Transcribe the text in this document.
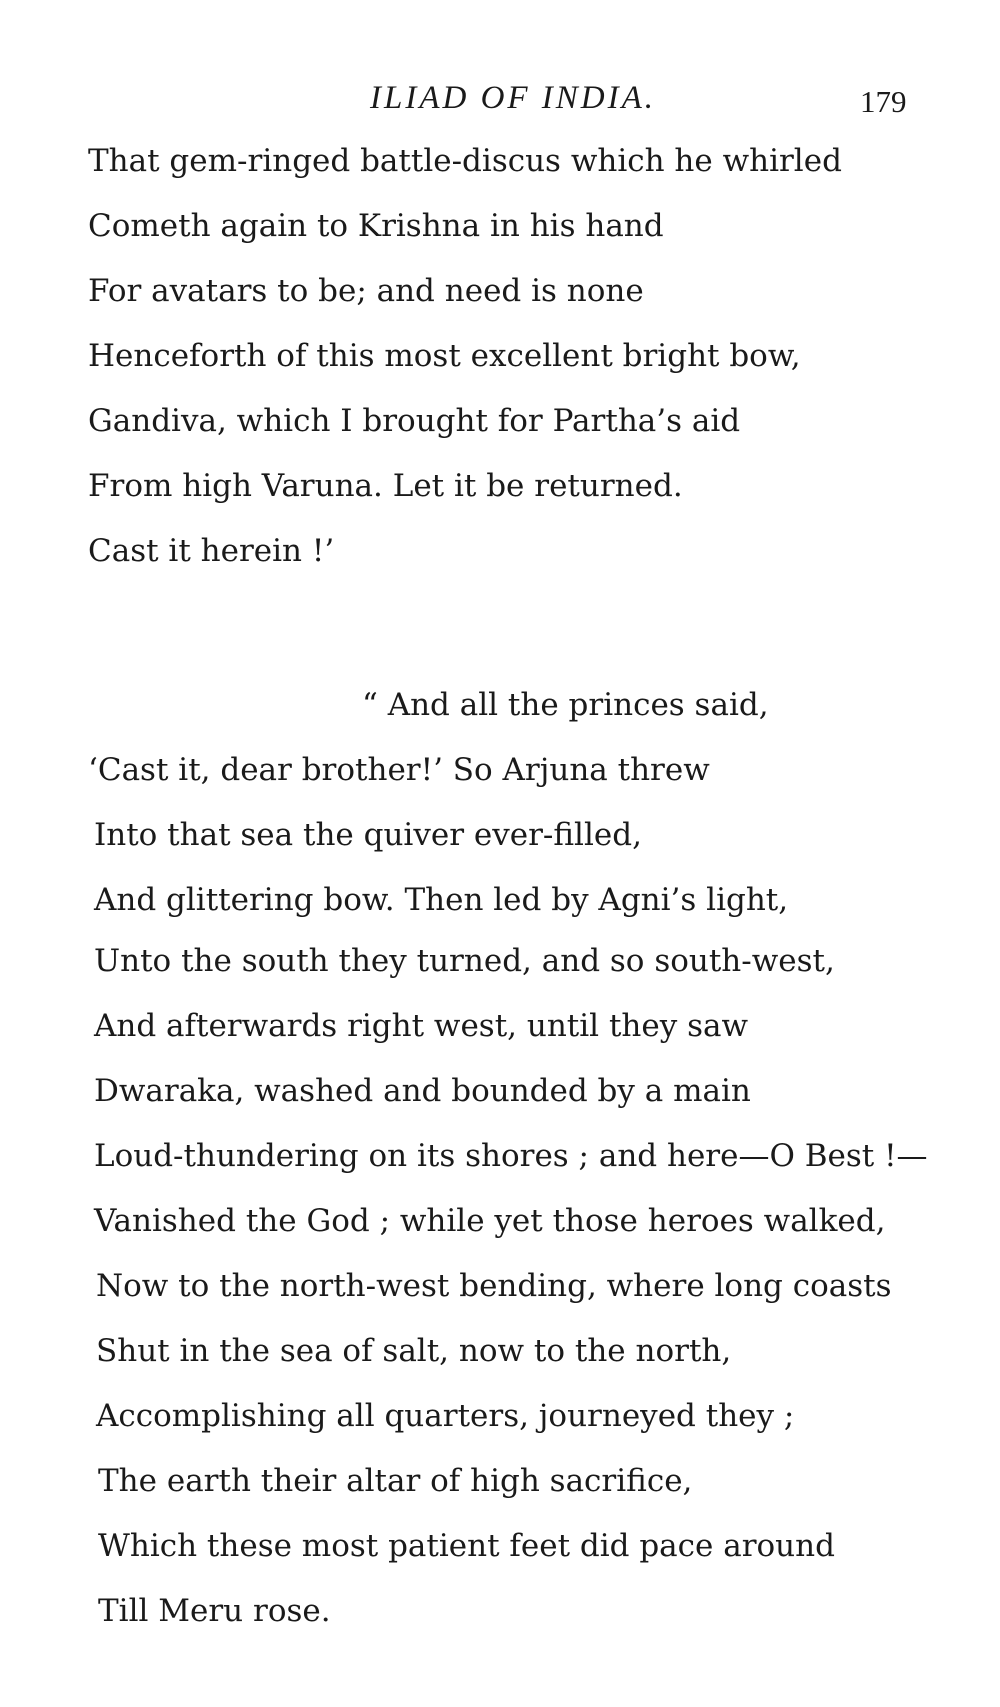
ILIAD OF INDIA.	179
That gem-ringed battle-discus which he whirled
Cometh again to Krishna in his hand
For avatars to be; and need is none
Henceforth of this most excellent bright bow,
Gandiva, which I brought for Partha’s aid
From high Varuna. Let it be returned.
Cast it herein !’
“ And all the princes said,
‘Cast it, dear brother!’ So Arjuna threw
Into that sea the quiver ever-filled,
And glittering bow. Then led by Agni’s light,
Unto the south they turned, and so south-west,
And afterwards right west, until they saw
Dwaraka, washed and bounded by a main
Loud-thundering on its shores ; and here—O Best !—
Vanished the God ; while yet those heroes walked,
Now to the north-west bending, where long coasts
Shut in the sea of salt, now to the north,
Accomplishing all quarters, journeyed they ;
The earth their altar of high sacrifice,
Which these most patient feet did pace around
Till Meru rose.
